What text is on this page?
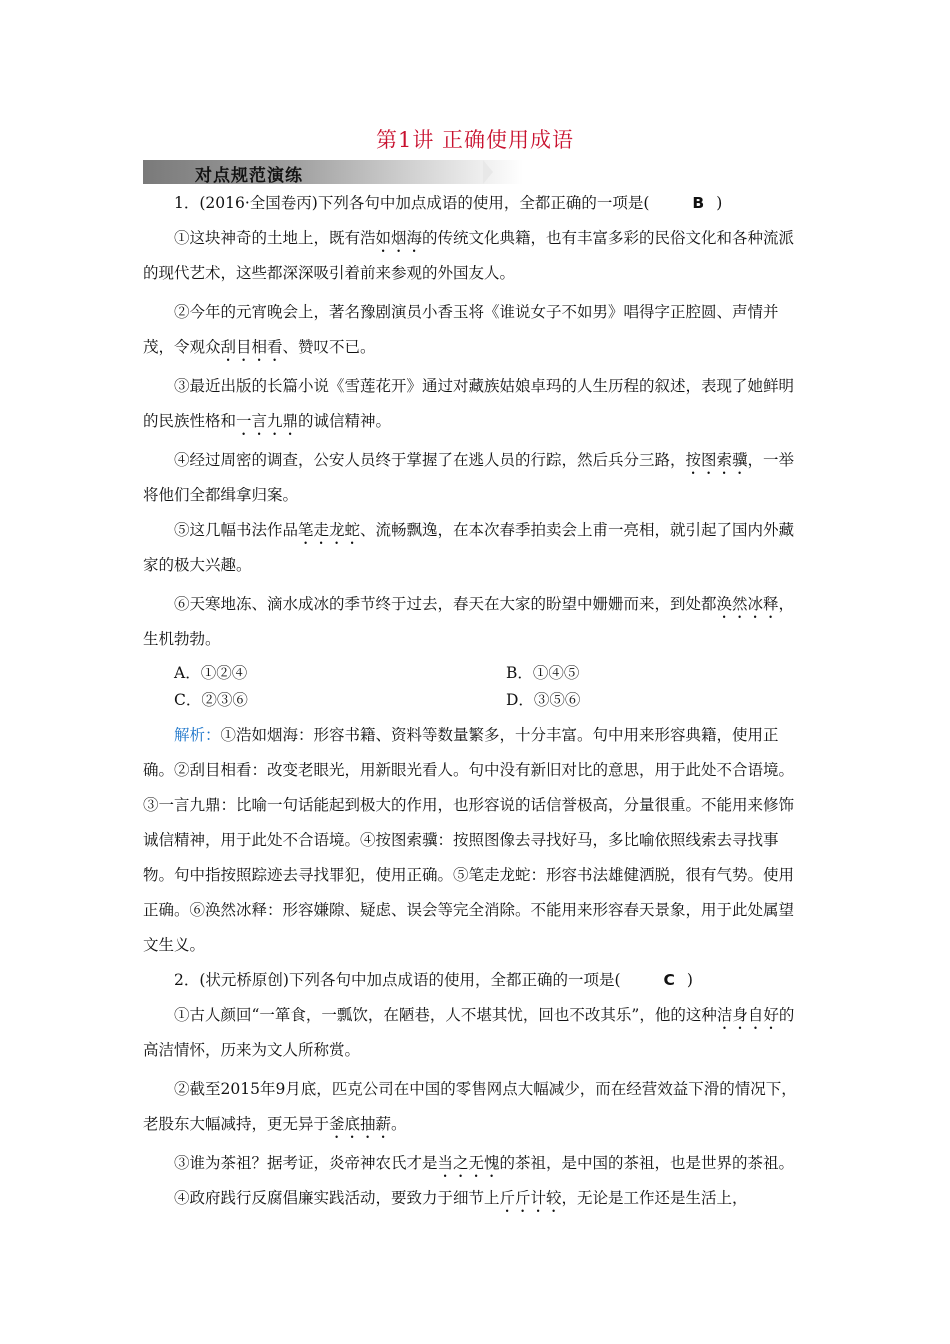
第1讲 正确使用成语
对点规范演练

1．(2016·全国卷丙)下列各句中加点成语的使用，全都正确的一项是(	B )

①这块神奇的土地上，既有浩如烟海的传统文化典籍，也有丰富多彩的民俗文化和各种流派的现代艺术，这些都深深吸引着前来参观的外国友人。

②今年的元宵晚会上，著名豫剧演员小香玉将《谁说女子不如男》唱得字正腔圆、声情并茂，令观众刮目相看、赞叹不已。

③最近出版的长篇小说《雪莲花开》通过对藏族姑娘卓玛的人生历程的叙述，表现了她鲜明的民族性格和一言九鼎的诚信精神。

④经过周密的调查，公安人员终于掌握了在逃人员的行踪，然后兵分三路，按图索骥，一举将他们全都缉拿归案。

⑤这几幅书法作品笔走龙蛇、流畅飘逸，在本次春季拍卖会上甫一亮相，就引起了国内外藏家的极大兴趣。

⑥天寒地冻、滴水成冰的季节终于过去，春天在大家的盼望中姗姗而来，到处都涣然冰释，生机勃勃。

A．①②④	B．①④⑤
C．②③⑥	D．③⑤⑥

解析：①浩如烟海：形容书籍、资料等数量繁多，十分丰富。句中用来形容典籍，使用正确。②刮目相看：改变老眼光，用新眼光看人。句中没有新旧对比的意思，用于此处不合语境。③一言九鼎：比喻一句话能起到极大的作用，也形容说的话信誉极高，分量很重。不能用来修饰诚信精神，用于此处不合语境。④按图索骥：按照图像去寻找好马，多比喻依照线索去寻找事物。句中指按照踪迹去寻找罪犯，使用正确。⑤笔走龙蛇：形容书法雄健洒脱，很有气势。使用正确。⑥涣然冰释：形容嫌隙、疑虑、误会等完全消除。不能用来形容春天景象，用于此处属望文生义。

2．(状元桥原创)下列各句中加点成语的使用，全都正确的一项是(	C )

①古人颜回“一箪食，一瓢饮，在陋巷，人不堪其忧，回也不改其乐”，他的这种洁身自好的高洁情怀，历来为文人所称赏。

②截至2015年9月底，匹克公司在中国的零售网点大幅减少，而在经营效益下滑的情况下，老股东大幅减持，更无异于釜底抽薪。

③谁为茶祖？据考证，炎帝神农氏才是当之无愧的茶祖，是中国的茶祖，也是世界的茶祖。

④政府践行反腐倡廉实践活动，要致力于细节上斤斤计较，无论是工作还是生活上，
